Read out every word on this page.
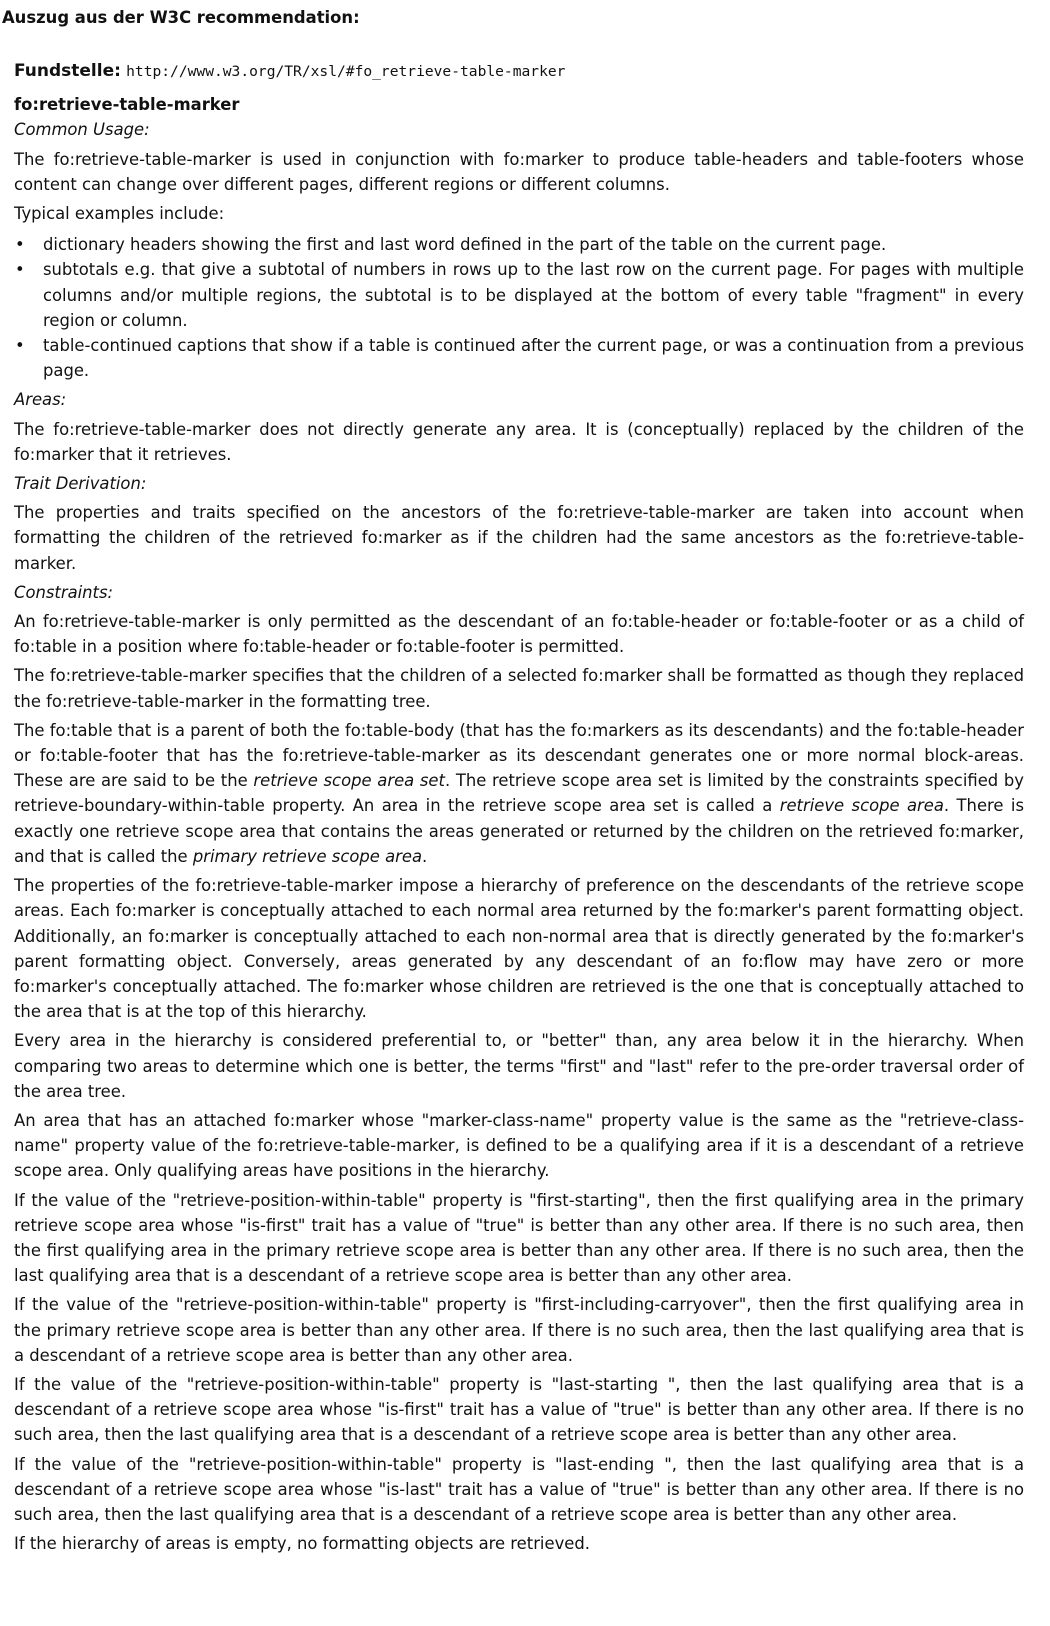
Auszug aus der W3C recommendation:
Fundstelle: http://www.w3.org/TR/xsl/#fo_retrieve-table-marker
fo:retrieve-table-marker
Common Usage:

The fo:retrieve-table-marker is used in conjunction with fo:marker to produce table-headers and table-footers whose content can change over different pages, different regions or different columns.

Typical examples include:

• dictionary headers showing the first and last word defined in the part of the table on the current page.
• subtotals e.g. that give a subtotal of numbers in rows up to the last row on the current page. For pages with multiple columns and/or multiple regions, the subtotal is to be displayed at the bottom of every table "fragment" in every region or column.
• table-continued captions that show if a table is continued after the current page, or was a continuation from a previous page.
Areas:

The fo:retrieve-table-marker does not directly generate any area. It is (conceptually) replaced by the children of the fo:marker that it retrieves.

Trait Derivation:

The properties and traits specified on the ancestors of the fo:retrieve-table-marker are taken into account when formatting the children of the retrieved fo:marker as if the children had the same ancestors as the fo:retrieve-table-marker.

Constraints:

An fo:retrieve-table-marker is only permitted as the descendant of an fo:table-header or fo:table-footer or as a child of fo:table in a position where fo:table-header or fo:table-footer is permitted.

The fo:retrieve-table-marker specifies that the children of a selected fo:marker shall be formatted as though they replaced the fo:retrieve-table-marker in the formatting tree.

The fo:table that is a parent of both the fo:table-body (that has the fo:markers as its descendants) and the fo:table-header or fo:table-footer that has the fo:retrieve-table-marker as its descendant generates one or more normal block-areas. These are are said to be the retrieve scope area set. The retrieve scope area set is limited by the constraints specified by retrieve-boundary-within-table property. An area in the retrieve scope area set is called a retrieve scope area. There is exactly one retrieve scope area that contains the areas generated or returned by the children on the retrieved fo:marker, and that is called the primary retrieve scope area.

The properties of the fo:retrieve-table-marker impose a hierarchy of preference on the descendants of the retrieve scope areas. Each fo:marker is conceptually attached to each normal area returned by the fo:marker's parent formatting object. Additionally, an fo:marker is conceptually attached to each non-normal area that is directly generated by the fo:marker's parent formatting object. Conversely, areas generated by any descendant of an fo:flow may have zero or more fo:marker's conceptually attached. The fo:marker whose children are retrieved is the one that is conceptually attached to the area that is at the top of this hierarchy.

Every area in the hierarchy is considered preferential to, or "better" than, any area below it in the hierarchy. When comparing two areas to determine which one is better, the terms "first" and "last" refer to the pre-order traversal order of the area tree.

An area that has an attached fo:marker whose "marker-class-name" property value is the same as the "retrieve-class-name" property value of the fo:retrieve-table-marker, is defined to be a qualifying area if it is a descendant of a retrieve scope area. Only qualifying areas have positions in the hierarchy.

If the value of the "retrieve-position-within-table" property is "first-starting", then the first qualifying area in the primary retrieve scope area whose "is-first" trait has a value of "true" is better than any other area. If there is no such area, then the first qualifying area in the primary retrieve scope area is better than any other area. If there is no such area, then the last qualifying area that is a descendant of a retrieve scope area is better than any other area.

If the value of the "retrieve-position-within-table" property is "first-including-carryover", then the first qualifying area in the primary retrieve scope area is better than any other area. If there is no such area, then the last qualifying area that is a descendant of a retrieve scope area is better than any other area.

If the value of the "retrieve-position-within-table" property is "last-starting ", then the last qualifying area that is a descendant of a retrieve scope area whose "is-first" trait has a value of "true" is better than any other area. If there is no such area, then the last qualifying area that is a descendant of a retrieve scope area is better than any other area.

If the value of the "retrieve-position-within-table" property is "last-ending ", then the last qualifying area that is a descendant of a retrieve scope area whose "is-last" trait has a value of "true" is better than any other area. If there is no such area, then the last qualifying area that is a descendant of a retrieve scope area is better than any other area.

If the hierarchy of areas is empty, no formatting objects are retrieved.
